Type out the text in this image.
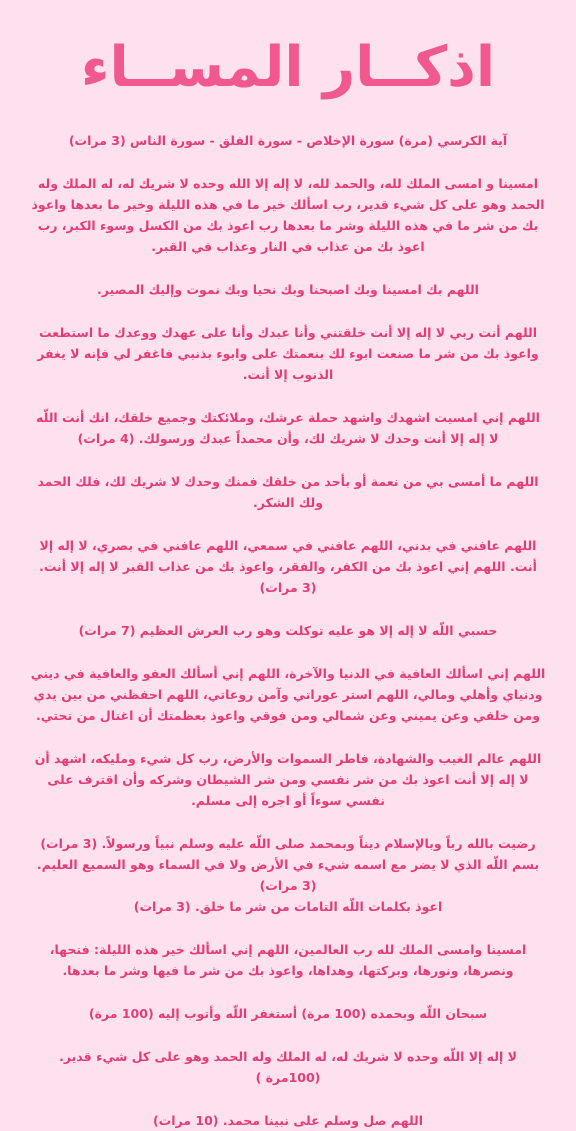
اذكــار المســاء

آية الكرسي (مرة) سورة الإخلاص - سورة الفلق - سورة الناس (3 مرات)

امسينا و امسى الملك لله، والحمد لله، لا إله إلا الله وحده لا شريك له، له الملك وله الحمد وهو على كل شيء قدير، رب اسألك خير ما في هذه الليلة وخير ما بعدها واعوذ بك من شر ما في هذه الليلة وشر ما بعدها رب اعوذ بك من الكسل وسوء الكبر، رب اعوذ بك من عذاب في النار وعذاب في القبر.

اللهم بك امسينا وبك اصبحنا وبك نحيا وبك نموت وإليك المصير.

اللهم أنت ربي لا إله إلا أنت خلقتني وأنا عبدك وأنا على عهدك ووعدك ما استطعت واعوذ بك من شر ما صنعت ابوء لك بنعمتك على وابوء بذنبي فاغفر لي فإنه لا يغفر الذنوب إلا أنت.

اللهم إني امسيت اشهدك واشهد حملة عرشك، وملائكتك وجميع خلقك، انك أنت اللّه لا إله إلا أنت وحدك لا شريك لك، وأن محمداً عبدك ورسولك. (4 مرات)

اللهم ما أمسى بي من نعمة أو بأحد من خلقك فمنك وحدك لا شريك لك، فلك الحمد ولك الشكر.

اللهم عافني في بدني، اللهم عافني في سمعي، اللهم عافني في بصري، لا إله إلا أنت. اللهم إني اعوذ بك من الكفر، والفقر، واعوذ بك من عذاب القبر لا إله إلا أنت. (3 مرات)

حسبي اللّه لا إله إلا هو عليه توكلت وهو رب العرش العظيم (7 مرات)

اللهم إني اسألك العافية في الدنيا والآخرة، اللهم إني أسألك العفو والعافية في ديني ودنياي وأهلي ومالي، اللهم استر عوراتي وآمن روعاتي، اللهم احفظني من بين يدي ومن خلفي وعن يميني وعن شمالي ومن فوقي واعوذ بعظمتك أن اغتال من تحتي.

اللهم عالم الغيب والشهادة، فاطر السموات والأرض، رب كل شيء ومليكه، اشهد أن لا إله إلا أنت اعوذ بك من شر نفسي ومن شر الشيطان وشركه وأن اقترف على نفسي سوءاً أو اجره إلى مسلم.

رضيت بالله رباً وبالإسلام ديناً وبمحمد صلى اللّه عليه وسلم نبياً ورسولاً. (3 مرات)
بسم اللّه الذي لا يضر مع اسمه شيء في الأرض ولا في السماء وهو السميع العليم. (3 مرات)
اعوذ بكلمات اللّه التامات من شر ما خلق. (3 مرات)

امسينا وامسى الملك لله رب العالمين، اللهم إني اسألك خير هذه الليلة: فتحها، ونصرها، ونورها، وبركتها، وهداها، واعوذ بك من شر ما فيها وشر ما بعدها.

سبحان اللّه وبحمده (100 مرة) أستغفر اللّه وأتوب إليه (100 مرة)

لا إله إلا اللّه وحده لا شريك له، له الملك وله الحمد وهو على كل شيء قدير. (100مرة )

اللهم صل وسلم على نبينا محمد. (10 مرات)
